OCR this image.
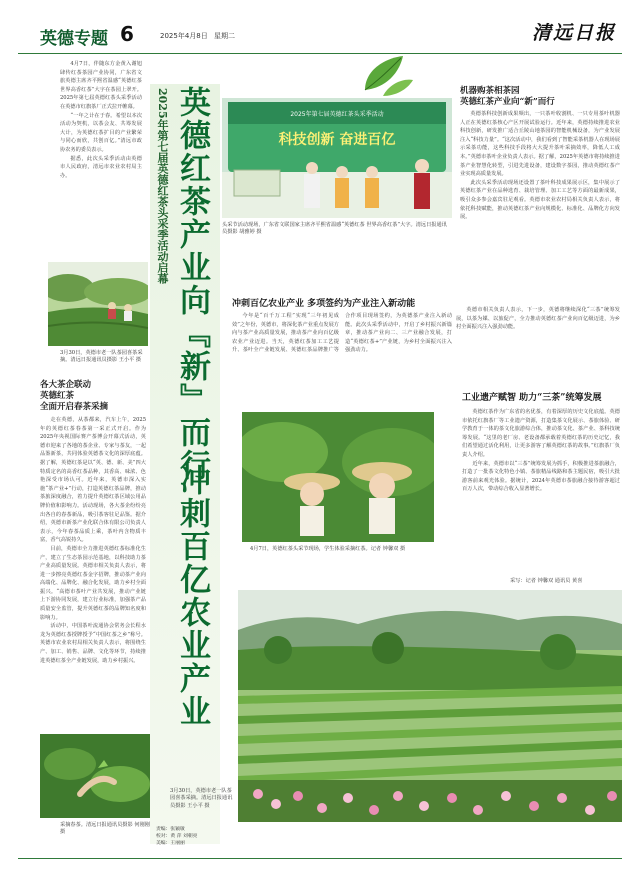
英德专题 6	2025年4月8日 星期二	清远日报

4月7日，伴随东方金黄入谢旭肆传红茶茶园产业协同，广东省文旅英德主席齐平熙省温感“英德红茶 世界高香红茶”大字在茶园上翠开。2025年第七届英德红茶头采季活动在英德市红旗茶厂正式拉开帷幕。

“一年之计在于春。希望以本次活动为契机，以茶会友、共筹发展大计，为英德红茶扩目的产业繁荣与同心而欣，共创百亿。”清远市政协农务的委员表示。

据悉，此次头采季活动由英德市人民政府，清远市农业农村局主办。

3月30日，英德市老一队茶园喜茶采摘。清远日报通讯员摄影 王小平 摄
各大茶企联动
英德红茶
全面开启春茶采摘

走在英德，从茶都来，汽车上午，2025年的英德红茶春茶第一采正式开启。作为2025年央视国际赛产茶博会开幕式活动，英德市迎来了各地的茶企业、专家与茶友，一起品鉴新茶，共同体验英德茶文化的深厚底蕴。据了解，英德红茶是以“英、德、新、美”四大特质定名的高香红茶品种，其香高、味浓、色艳深受市场认可。近年来，英德市深入实施“茶产业+”行动，打造英德红茶品牌，推动茶旅深度融合，着力提升英德红茶区域公用品牌价值和影响力。活动现场，各大茶企纷纷亮出各自的春茶新品，吸引茶客驻足品鉴。据介绍，英德市新茶产业化联合体有限公司负责人表示，今年春茶品质上乘，茶叶内含物质丰富，香气高锐持久。

目前，英德市全力推进英德红茶标准化生产，建立了生态茶园示范基地，以科技助力茶产业高质量发展。英德市相关负责人表示，将进一步擦亮英德红茶金字招牌，推动茶产业向高端化、品牌化、融合化发展，助力乡村全面振兴。“高德市茶叶产业共发展，推动产业链上下游协同发展，建立行业标准，加强茶产品质量安全监管，提升英德红茶的品牌知名度和影响力。

活动中，中国茶叶流通协会常务会长程水龙为英德红茶授牌授予“中国红茶之乡”称号。英德市农业农村局相关负责人表示，将围绕生产、加工、销售、品牌、文化等环节，持续推进英德红茶全产业链发展，助力乡村振兴。

采摘春茶。清远日报通讯员摄影 何刚刚 摄
英德红茶产业向『新』而行
冲刺百亿农业产业
2025年第七届英德红茶头采季活动启幕	2025年第七届英德红茶头采季活动
科技创新 奋进百亿
头采节活动现场，广东省文联国家主席齐平熙省温感“英德红茶 世界高香红茶”大字。清远日报通讯员摄影 胡雅婷 摄
冲刺百亿农业产业 多项签约为产业注入新动能

今年是“百千万工程”实现“三年初见成效”之年份，英德市，将深化茶产业重点发展方向与茶产业高质量发展，推动茶产业向百亿级农业产业迈进。当天，英德红茶加工工艺提升、茶叶全产业链发展、英德红茶品牌推广等合作项目现场签约，为英德茶产业注入新动能。此次头采季活动中，开启了乡村振兴新篇章，推动茶产业向二、三产业融合发展，打造“英德红茶+”产业链，为乡村全面振兴注入强劲动力。

4月7日，英德红茶头采节现场，学生体验采摘红茶。记者 钟馨双 摄
机器购茶相茶园
英德红茶产业向“新”而行

英德茶科技创新成果频出，一只茶叶收割机、一只专用茶叶机器人正在英德红茶核心产区开展试验运行。近年来，英德持续推进农业科技创新，研发推广适合丘陵山地茶园的智能机械设备，为产业发展注入“科技力量”。“这次活动中，我们看到了智能采茶机器人在现场展示采茶功能，这些科技手段将大大提升茶叶采摘效率，降低人工成本。”英德市茶叶企业负责人表示。据了解，2025年英德市将持续推进茶产业智慧化转型，引进先进设备，建设数字茶园，推动英德红茶产业实现高质量发展。

此次头采季活动现场还设置了茶叶科技成果展示区，集中展示了英德红茶产业在品种选育、栽培管理、加工工艺等方面的最新成果，吸引众多参会嘉宾驻足观看。英德市农业农村局相关负责人表示，将依托科技赋能，推动英德红茶产业向规模化、标准化、品牌化方向发展。

英德市相关负责人表示，下一步，英德将继续深化“三茶”统筹发展，以茶为媒、以旅促产，全力推动英德红茶产业向百亿级迈进，为乡村全面振兴注入强劲动能。

工业遗产赋智 助力“三茶”统筹发展

英德红茶作为广东省的名优茶，有着深厚的历史文化底蕴。英德市依托红旗茶厂等工业遗产资源，打造集茶文化展示、茶旅体验、研学教育于一体的茶文化旅游综合体，推动茶文化、茶产业、茶科技统筹发展。“这里的老厂房、老设备都承载着英德红茶的历史记忆，我们希望通过活化利用，让更多游客了解英德红茶的故事。”红旗茶厂负责人介绍。

近年来，英德市以“三茶”统筹发展为抓手，积极推进茶旅融合，打造了一批茶文化特色小镇、茶旅精品线路和茶主题民宿，吸引大批游客前来观光体验。据统计，2024年英德市茶旅融合接待游客超过百万人次，带动综合收入显著增长。

采写：记者 钟馨双 通讯员 黄喜
3月30日，英德市老一队茶园喜茶采摘。清远日报通讯员摄影 王小平 摄
责编：张颖敏
校对：黄 萍 刘朝亮
美编：王丽丽
